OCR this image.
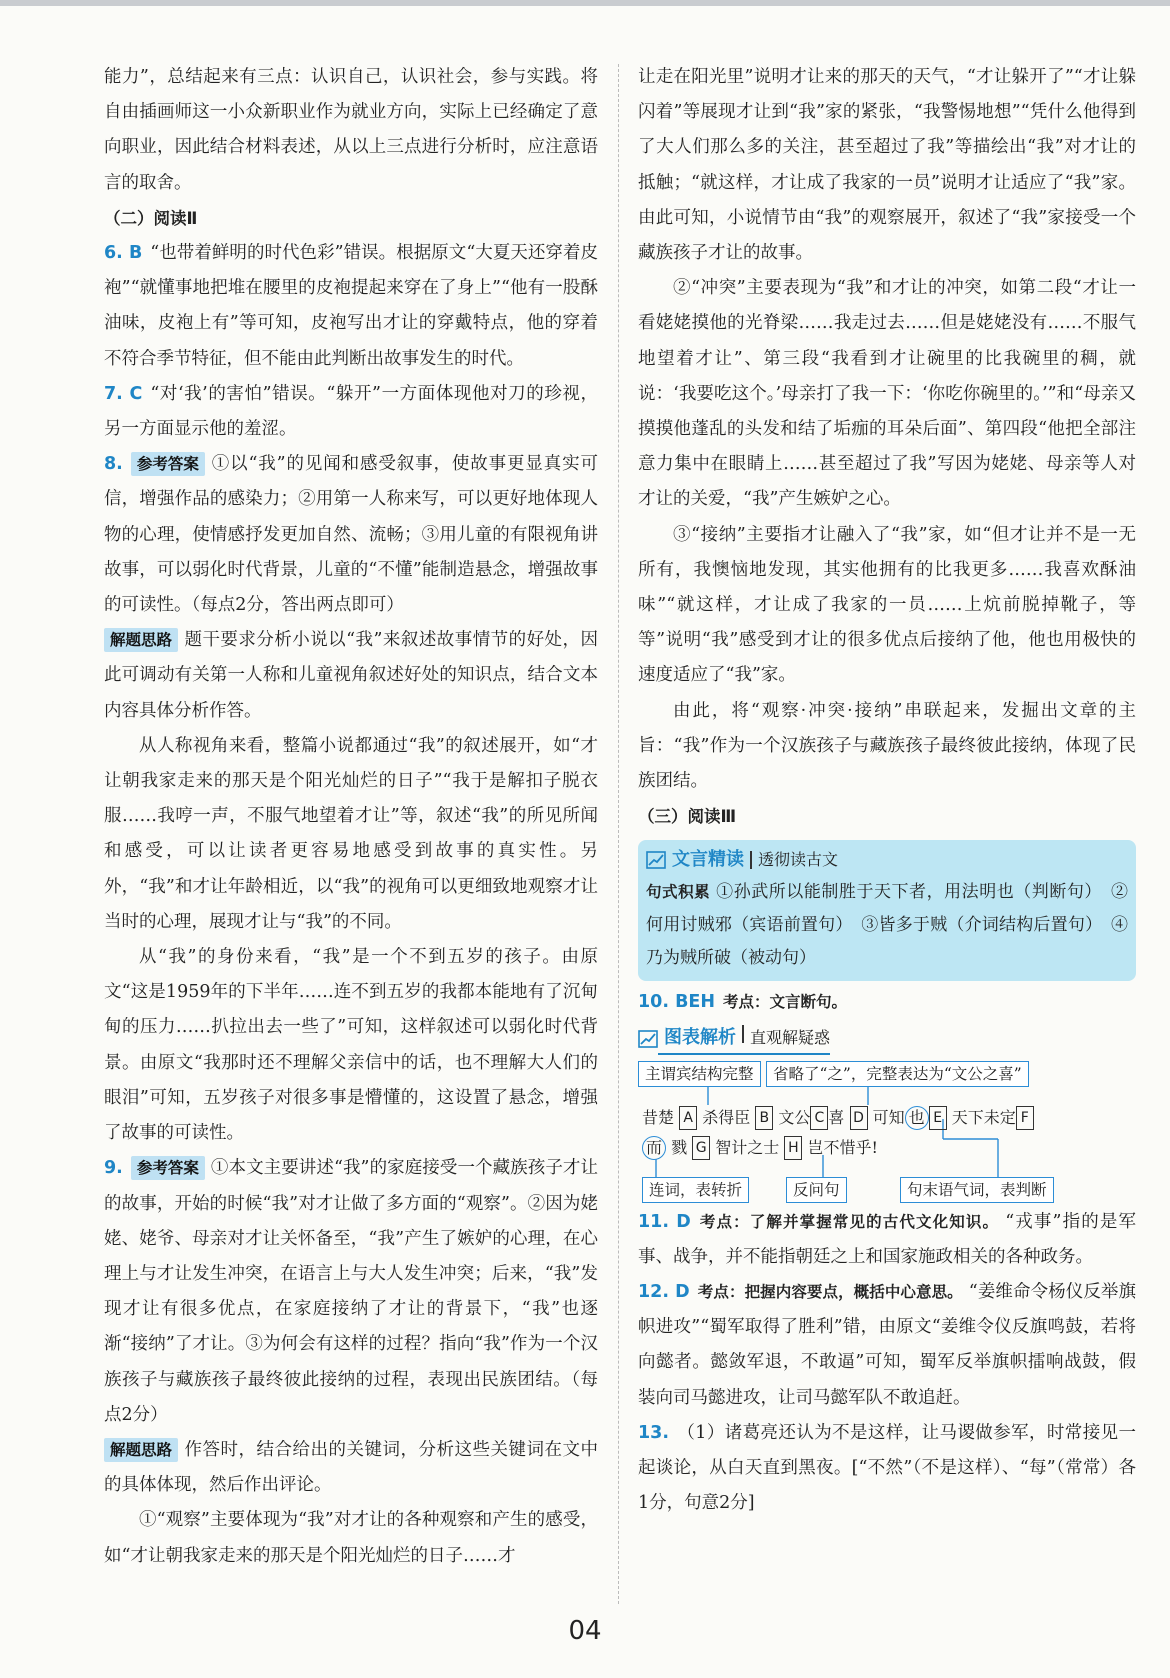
能力”，总结起来有三点：认识自己，认识社会，参与实践。将自由插画师这一小众新职业作为就业方向，实际上已经确定了意向职业，因此结合材料表述，从以上三点进行分析时，应注意语言的取舍。

（二）阅读Ⅱ

6. B “也带着鲜明的时代色彩”错误。根据原文“大夏天还穿着皮袍”“就懂事地把堆在腰里的皮袍提起来穿在了身上”“他有一股酥油味，皮袍上有”等可知，皮袍写出才让的穿戴特点，他的穿着不符合季节特征，但不能由此判断出故事发生的时代。

7. C “对‘我’的害怕”错误。“躲开”一方面体现他对刀的珍视，另一方面显示他的羞涩。

8. 参考答案 ①以“我”的见闻和感受叙事，使故事更显真实可信，增强作品的感染力；②用第一人称来写，可以更好地体现人物的心理，使情感抒发更加自然、流畅；③用儿童的有限视角讲故事，可以弱化时代背景，儿童的“不懂”能制造悬念，增强故事的可读性。（每点2分，答出两点即可）

解题思路 题干要求分析小说以“我”来叙述故事情节的好处，因此可调动有关第一人称和儿童视角叙述好处的知识点，结合文本内容具体分析作答。

从人称视角来看，整篇小说都通过“我”的叙述展开，如“才让朝我家走来的那天是个阳光灿烂的日子”“我于是解扣子脱衣服……我哼一声，不服气地望着才让”等，叙述“我”的所见所闻和感受，可以让读者更容易地感受到故事的真实性。另外，“我”和才让年龄相近，以“我”的视角可以更细致地观察才让当时的心理，展现才让与“我”的不同。

从“我”的身份来看，“我”是一个不到五岁的孩子。由原文“这是1959年的下半年……连不到五岁的我都本能地有了沉甸甸的压力……扒拉出去一些了”可知，这样叙述可以弱化时代背景。由原文“我那时还不理解父亲信中的话，也不理解大人们的眼泪”可知，五岁孩子对很多事是懵懂的，这设置了悬念，增强了故事的可读性。

9. 参考答案 ①本文主要讲述“我”的家庭接受一个藏族孩子才让的故事，开始的时候“我”对才让做了多方面的“观察”。②因为姥姥、姥爷、母亲对才让关怀备至，“我”产生了嫉妒的心理，在心理上与才让发生冲突，在语言上与大人发生冲突；后来，“我”发现才让有很多优点，在家庭接纳了才让的背景下，“我”也逐渐“接纳”了才让。③为何会有这样的过程？指向“我”作为一个汉族孩子与藏族孩子最终彼此接纳的过程，表现出民族团结。（每点2分）

解题思路 作答时，结合给出的关键词，分析这些关键词在文中的具体体现，然后作出评论。

①“观察”主要体现为“我”对才让的各种观察和产生的感受，如“才让朝我家走来的那天是个阳光灿烂的日子……才

让走在阳光里”说明才让来的那天的天气，“才让躲开了”“才让躲闪着”等展现才让到“我”家的紧张，“我警惕地想”“凭什么他得到了大人们那么多的关注，甚至超过了我”等描绘出“我”对才让的抵触；“就这样，才让成了我家的一员”说明才让适应了“我”家。由此可知，小说情节由“我”的观察展开，叙述了“我”家接受一个藏族孩子才让的故事。

②“冲突”主要表现为“我”和才让的冲突，如第二段“才让一看姥姥摸他的光脊梁……我走过去……但是姥姥没有……不服气地望着才让”、第三段“我看到才让碗里的比我碗里的稠，就说：‘我要吃这个。’母亲打了我一下：‘你吃你碗里的。’”和“母亲又摸摸他蓬乱的头发和结了垢痂的耳朵后面”、第四段“他把全部注意力集中在眼睛上……甚至超过了我”写因为姥姥、母亲等人对才让的关爱，“我”产生嫉妒之心。

③“接纳”主要指才让融入了“我”家，如“但才让并不是一无所有，我懊恼地发现，其实他拥有的比我更多……我喜欢酥油味”“就这样，才让成了我家的一员……上炕前脱掉靴子，等等”说明“我”感受到才让的很多优点后接纳了他，他也用极快的速度适应了“我”家。

由此，将“观察·冲突·接纳”串联起来，发掘出文章的主旨：“我”作为一个汉族孩子与藏族孩子最终彼此接纳，体现了民族团结。

（三）阅读Ⅲ

文言精读 透彻读古文

句式积累 ①孙武所以能制胜于天下者，用法明也（判断句）　②何用讨贼邪（宾语前置句）　③皆多于贼（介词结构后置句）　④乃为贼所破（被动句）

10. BEH 考点：文言断句。

图表解析 直观解疑惑
主谓宾结构完整	省略了“之”，完整表达为“文公之喜”
昔楚 A 杀得臣 B 文公 C 喜 D 可知 也 E 天下未定 F
而 戮 G 智计之士 H 岂不惜乎!
连词，表转折	反问句	句末语气词，表判断

11. D 考点：了解并掌握常见的古代文化知识。 “戎事”指的是军事、战争，并不能指朝廷之上和国家施政相关的各种政务。

12. D 考点：把握内容要点，概括中心意思。 “姜维命令杨仪反举旗帜进攻”“蜀军取得了胜利”错，由原文“姜维令仪反旗鸣鼓，若将向懿者。懿敛军退，不敢逼”可知，蜀军反举旗帜擂响战鼓，假装向司马懿进攻，让司马懿军队不敢追赶。

13. （1）诸葛亮还认为不是这样，让马谡做参军，时常接见一起谈论，从白天直到黑夜。[“不然”（不是这样）、“每”（常常）各1分，句意2分]

04
